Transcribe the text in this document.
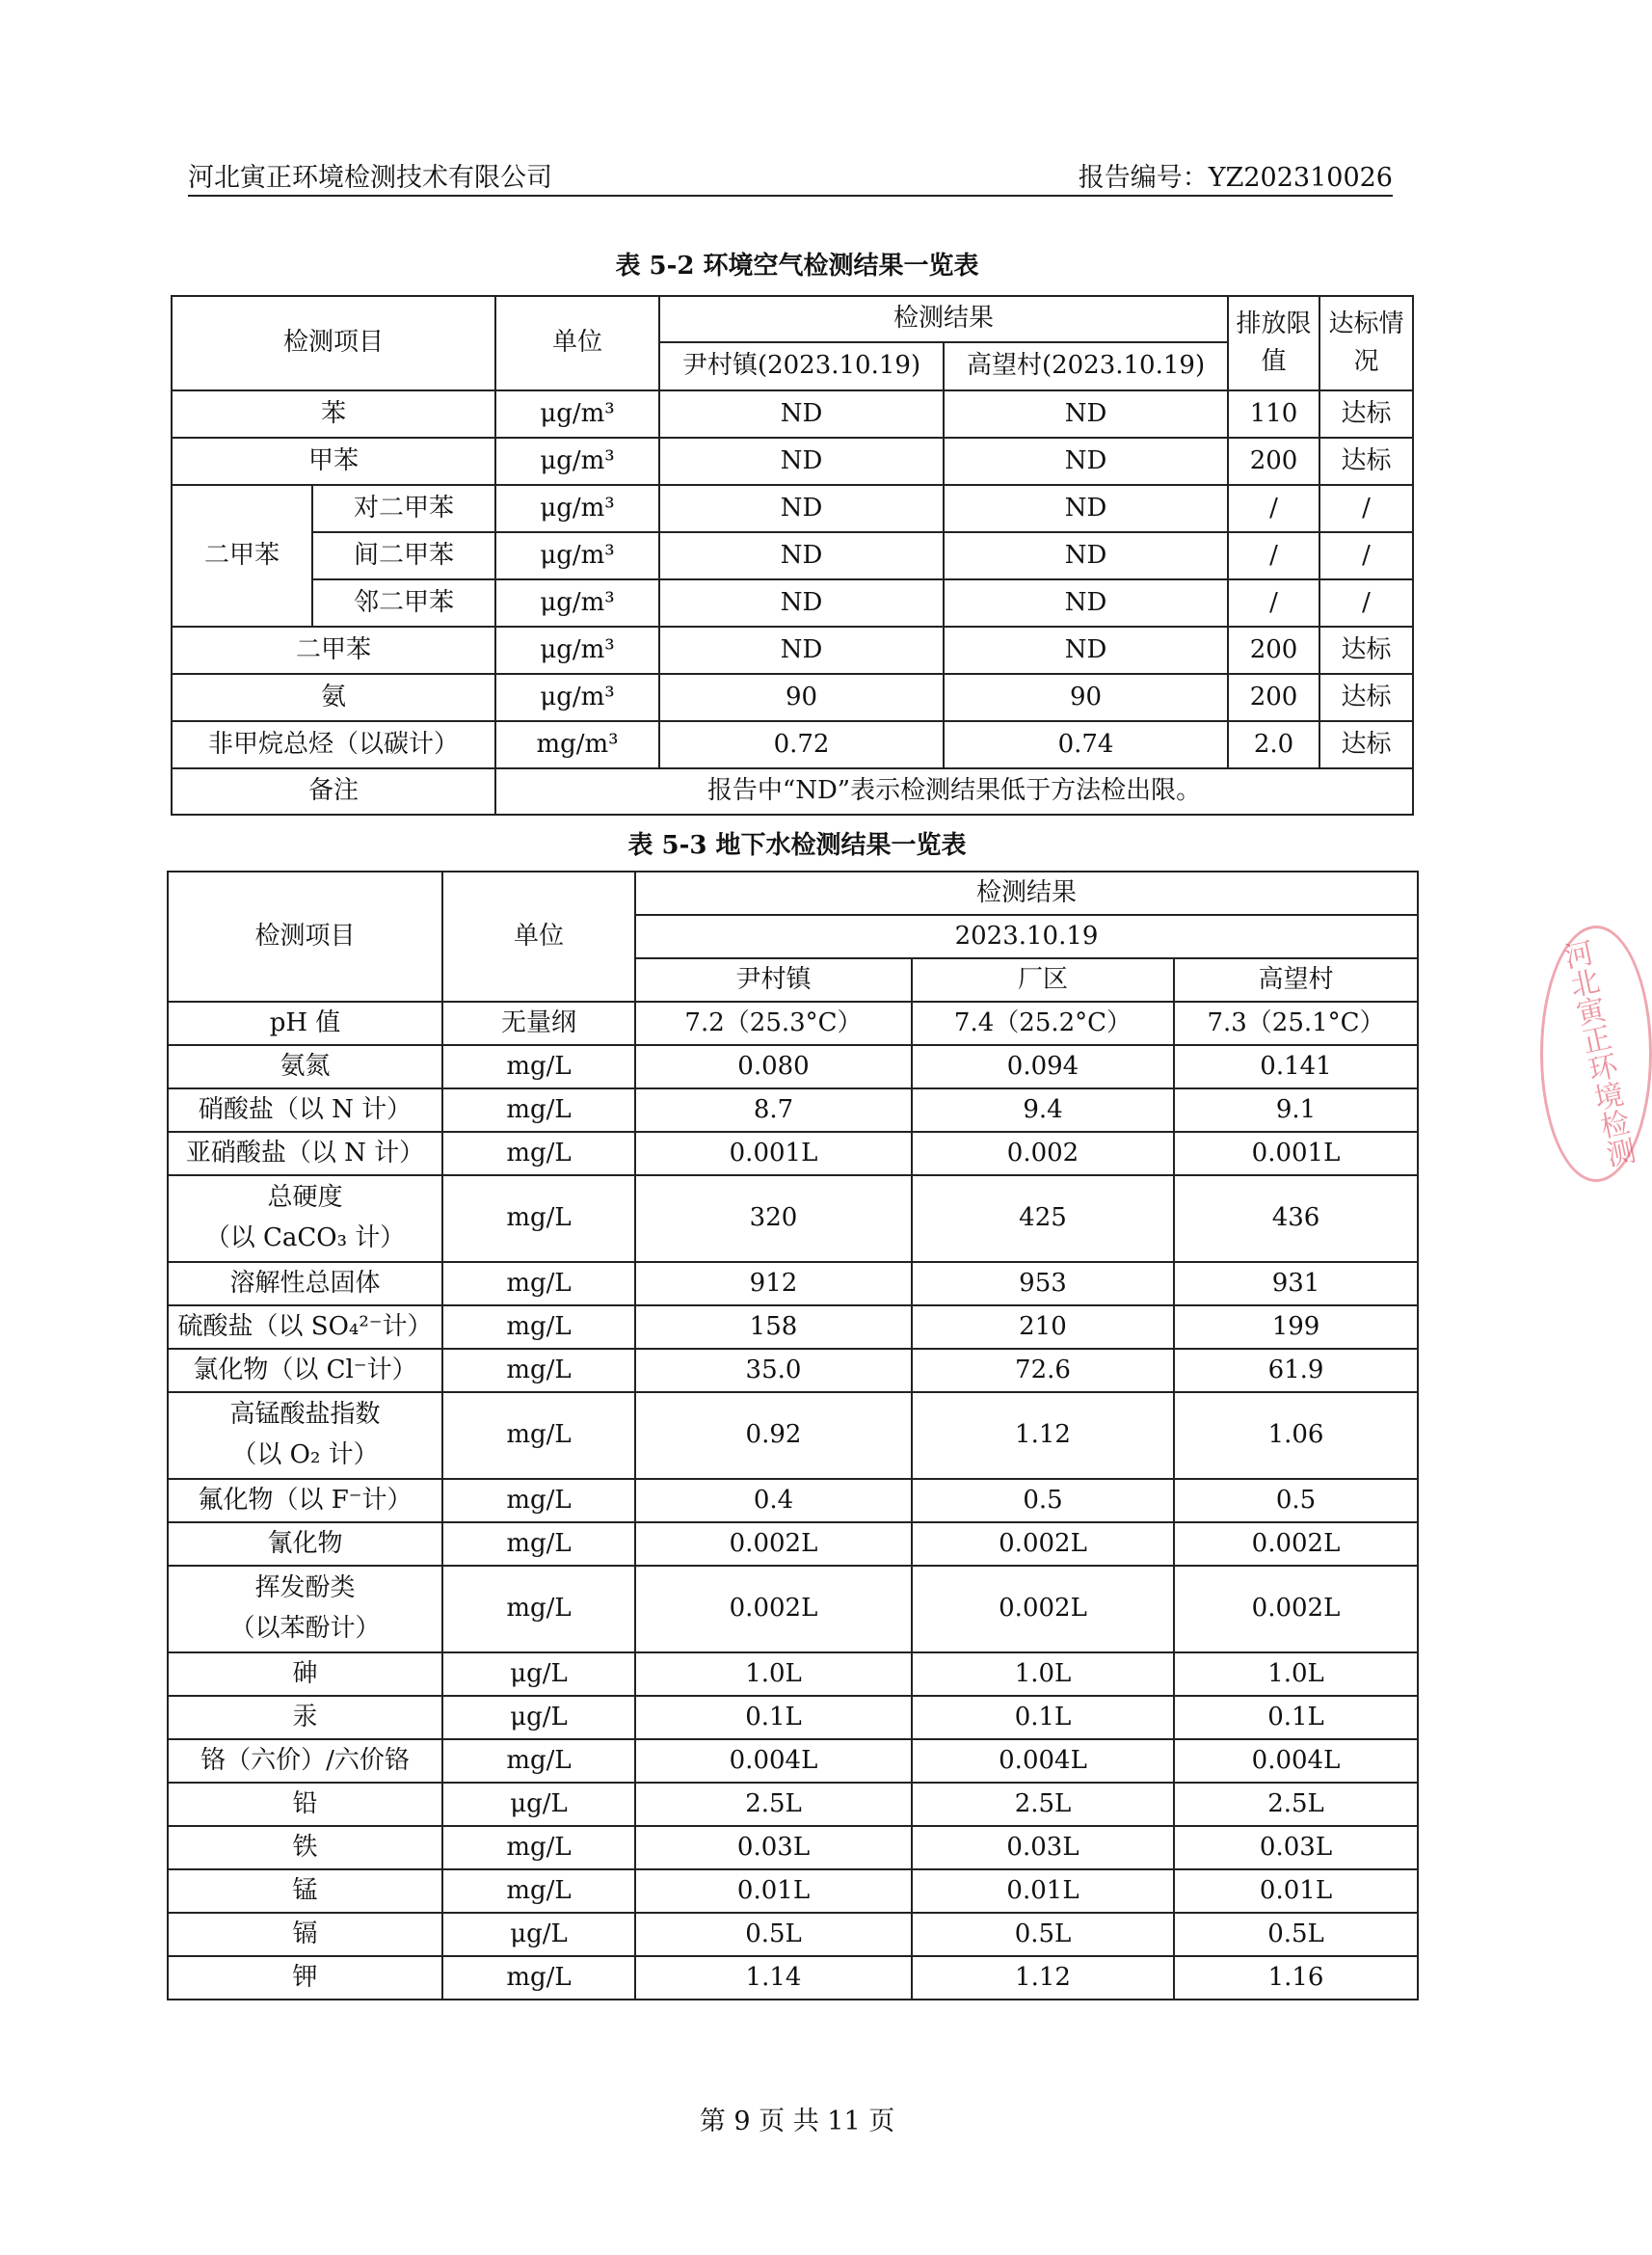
河北寅正环境检测技术有限公司	报告编号：YZ202310026
表 5-2 环境空气检测结果一览表
检测项目		单位	检测结果		排放限值	达标情况
			尹村镇(2023.10.19)	高望村(2023.10.19)		
苯		μg/m³	ND	ND	110	达标
甲苯		μg/m³	ND	ND	200	达标
二甲苯	对二甲苯	μg/m³	ND	ND	/	/
	间二甲苯	μg/m³	ND	ND	/	/
	邻二甲苯	μg/m³	ND	ND	/	/
二甲苯		μg/m³	ND	ND	200	达标
氨		μg/m³	90	90	200	达标
非甲烷总烃（以碳计）		mg/m³	0.72	0.74	2.0	达标
备注		报告中“ND”表示检测结果低于方法检出限。				
表 5-3 地下水检测结果一览表
检测项目	单位	检测结果		
		2023.10.19		
		尹村镇	厂区	高望村
pH 值	无量纲	7.2（25.3°C）	7.4（25.2°C）	7.3（25.1°C）
氨氮	mg/L	0.080	0.094	0.141
硝酸盐（以 N 计）	mg/L	8.7	9.4	9.1
亚硝酸盐（以 N 计）	mg/L	0.001L	0.002	0.001L

总硬度
（以 CaCO₃ 计）	mg/L	320	425	436
溶解性总固体	mg/L	912	953	931
硫酸盐（以 SO₄²⁻计）	mg/L	158	210	199
氯化物（以 Cl⁻计）	mg/L	35.0	72.6	61.9

高锰酸盐指数
（以 O₂ 计）	mg/L	0.92	1.12	1.06
氟化物（以 F⁻计）	mg/L	0.4	0.5	0.5
氰化物	mg/L	0.002L	0.002L	0.002L

挥发酚类
（以苯酚计）	mg/L	0.002L	0.002L	0.002L
砷	μg/L	1.0L	1.0L	1.0L
汞	μg/L	0.1L	0.1L	0.1L
铬（六价）/六价铬	mg/L	0.004L	0.004L	0.004L
铅	μg/L	2.5L	2.5L	2.5L
铁	mg/L	0.03L	0.03L	0.03L
锰	mg/L	0.01L	0.01L	0.01L
镉	μg/L	0.5L	0.5L	0.5L
钾	mg/L	1.14	1.12	1.16
第 9 页 共 11 页
河北寅正环境检测
